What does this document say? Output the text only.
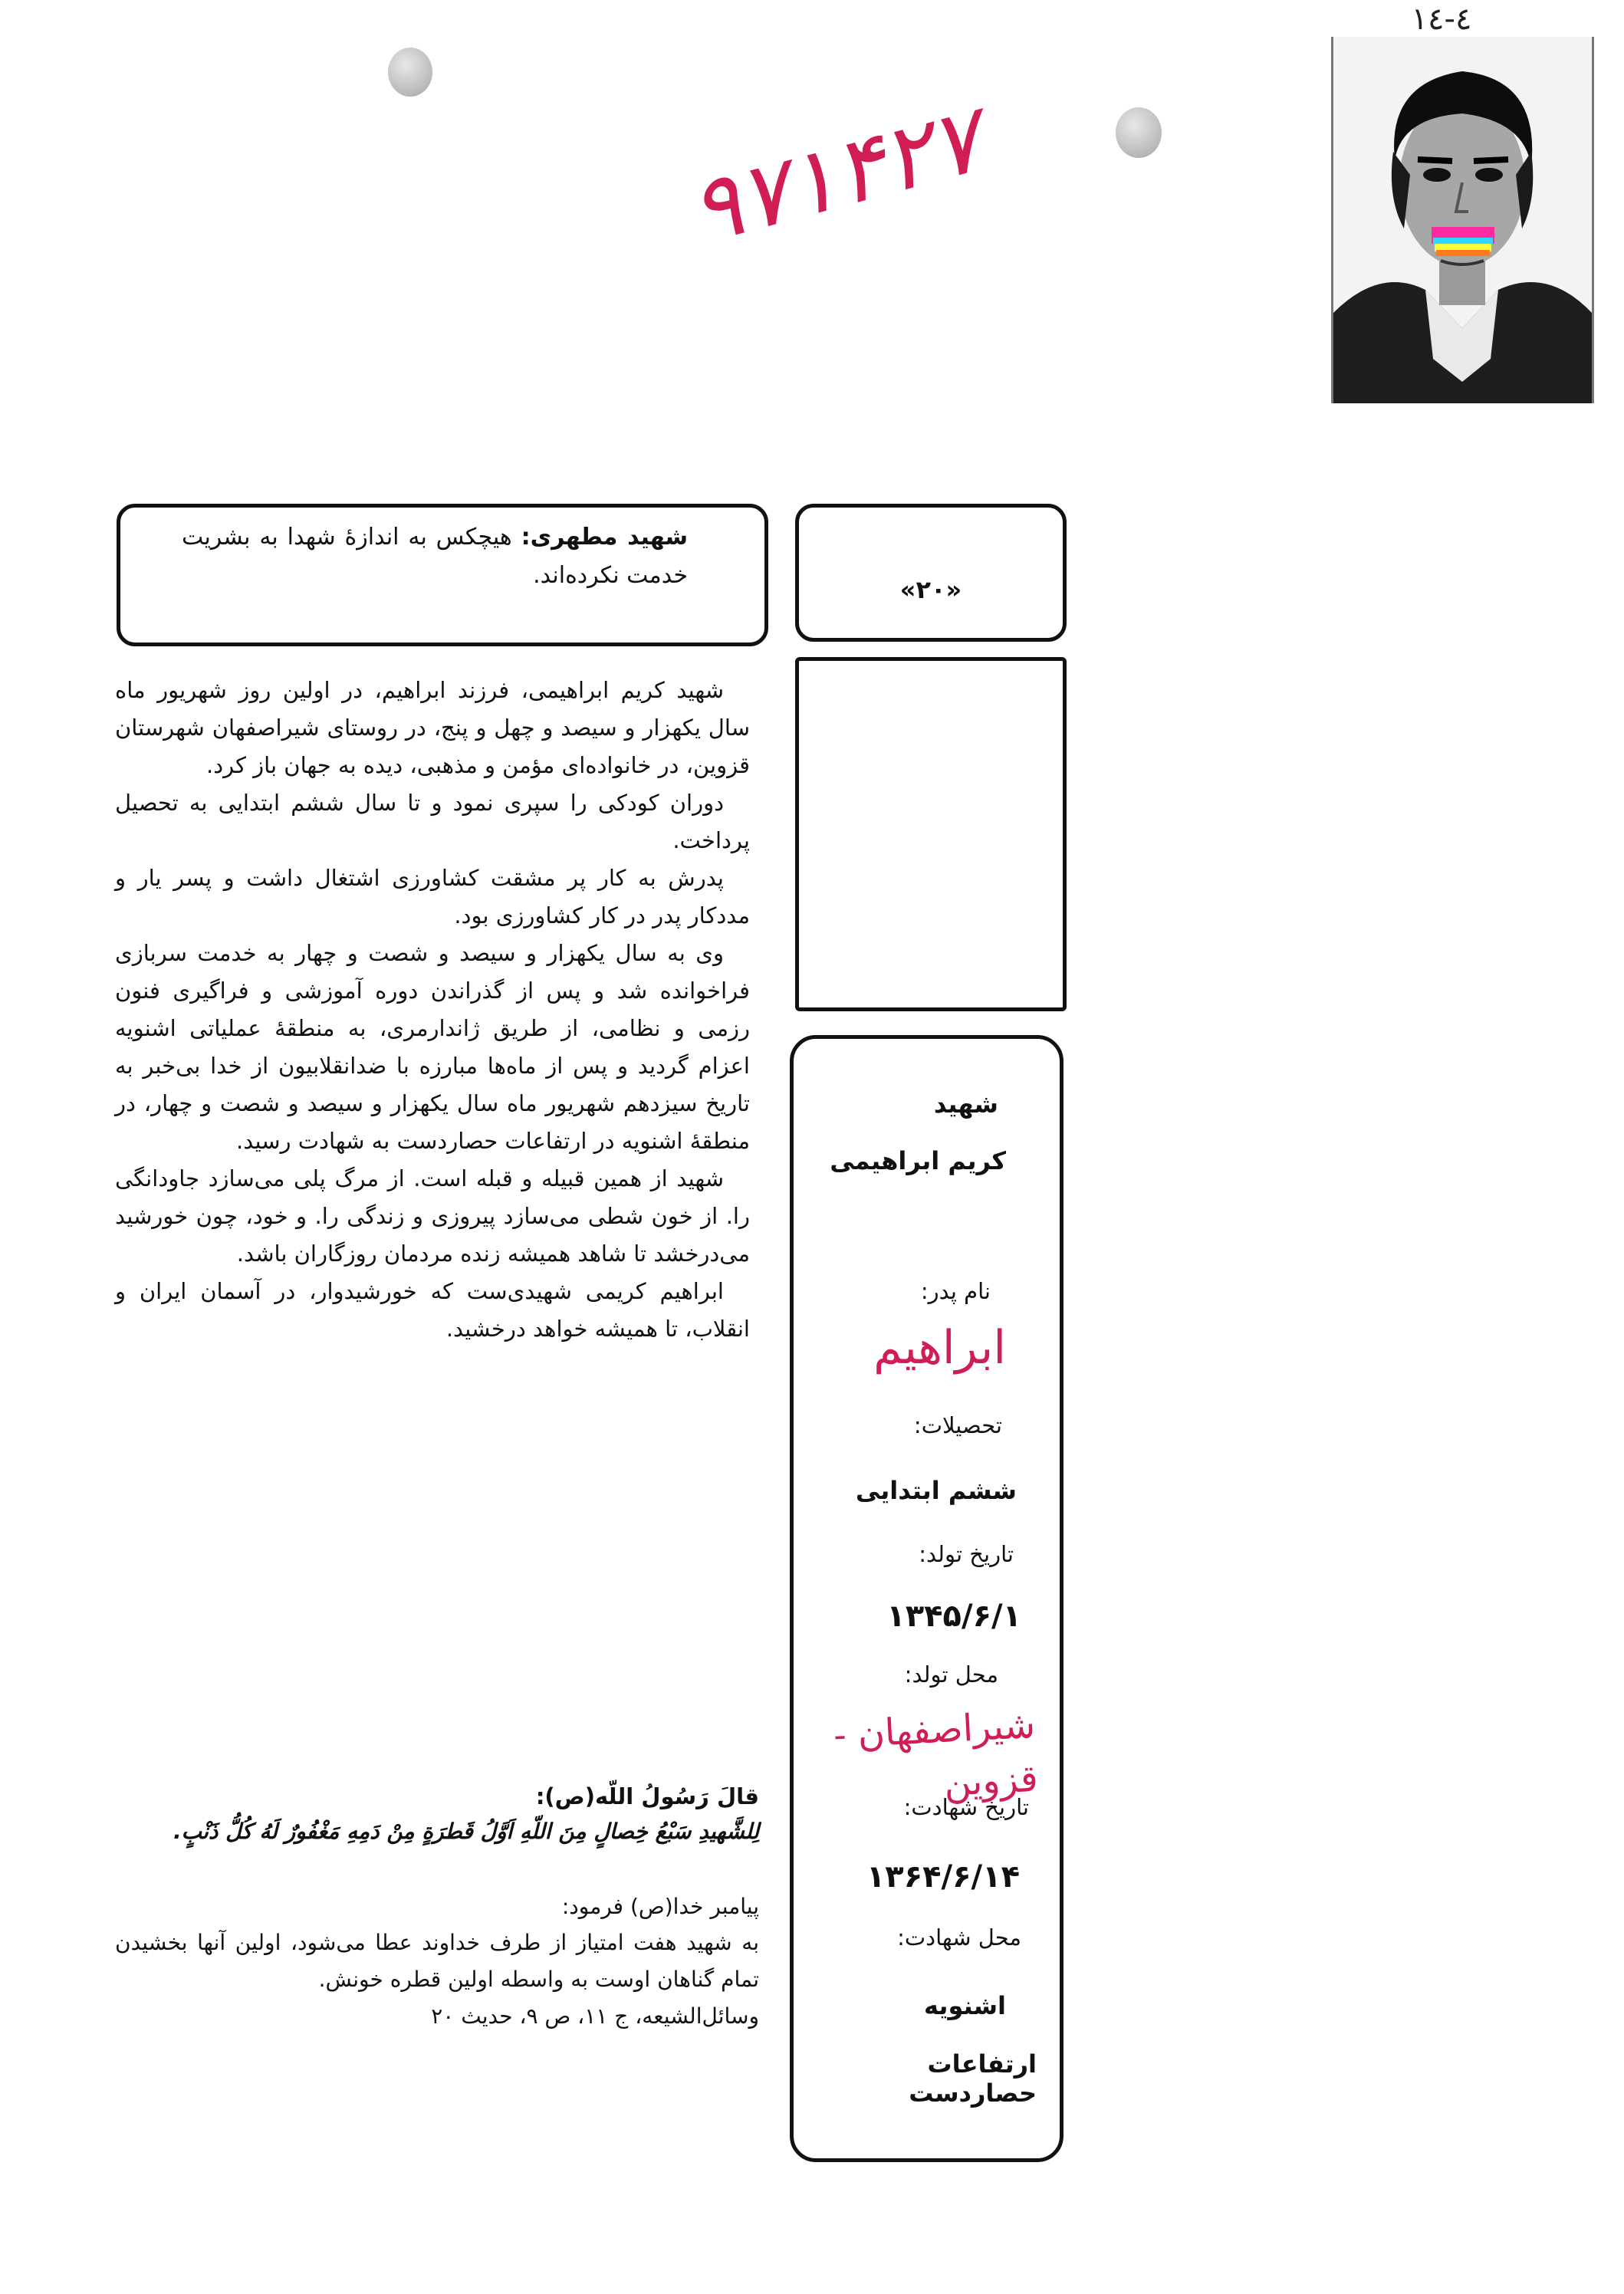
۹۷۱۴۲۷
٤-١٤

شهید مطهری: هیچکس به اندازهٔ شهدا به بشریت خدمت نکرده‌اند.	«۲۰»

شهید کریم ابراهیمی، فرزند ابراهیم، در اولین روز شهریور ماه سال یکهزار و سیصد و چهل و پنج، در روستای شیراصفهان شهرستان قزوین، در خانواده‌ای مؤمن و مذهبی، دیده به جهان باز کرد.

دوران کودکی را سپری نمود و تا سال ششم ابتدایی به تحصیل پرداخت.

پدرش به کار پر مشقت کشاورزی اشتغال داشت و پسر یار و مددکار پدر در کار کشاورزی بود.

وی به سال یکهزار و سیصد و شصت و چهار به خدمت سربازی فراخوانده شد و پس از گذراندن دوره آموزشی و فراگیری فنون رزمی و نظامی، از طریق ژاندارمری، به منطقهٔ عملیاتی اشنویه اعزام گردید و پس از ماه‌ها مبارزه با ضدانقلابیون از خدا بی‌خبر به تاریخ سیزدهم شهریور ماه سال یکهزار و سیصد و شصت و چهار، در منطقهٔ اشنویه در ارتفاعات حصاردست به شهادت رسید.

شهید از همین قبیله و قبله است. از مرگ پلی می‌سازد جاودانگی را. از خون شطی می‌سازد پیروزی و زندگی را. و خود، چون خورشید می‌درخشد تا شاهد همیشه زنده مردمان روزگاران باشد.

ابراهیم کریمی شهیدی‌ست که خورشیدوار، در آسمان ایران و انقلاب، تا همیشه خواهد درخشید.

قالَ رَسُولُ اللّه(ص):
لِلشَّهيدِ سَبْعُ خِصالٍ مِنَ اللّهِ اَوَّلُ قَطرَةٍ مِنْ دَمِهِ مَغْفُورٌ لَهُ كُلُّ ذَنْبٍ.
پیامبر خدا(ص) فرمود:
به شهید هفت امتیاز از طرف خداوند عطا می‌شود، اولین آنها بخشیدن تمام گناهان اوست به واسطه اولین قطره خونش.
وسائل‌الشیعه، ج ۱۱، ص ۹، حدیث ۲۰
شهید
کریم ابراهیمی
نام پدر:
ابراهیم
تحصیلات:
ششم ابتدایی
تاریخ تولد:
۱۳۴۵/۶/۱
محل تولد:
شیراصفهان - قزوین
تاریخ شهادت:
۱۳۶۴/۶/۱۴
محل شهادت:
اشنویه
ارتفاعات حصاردست
